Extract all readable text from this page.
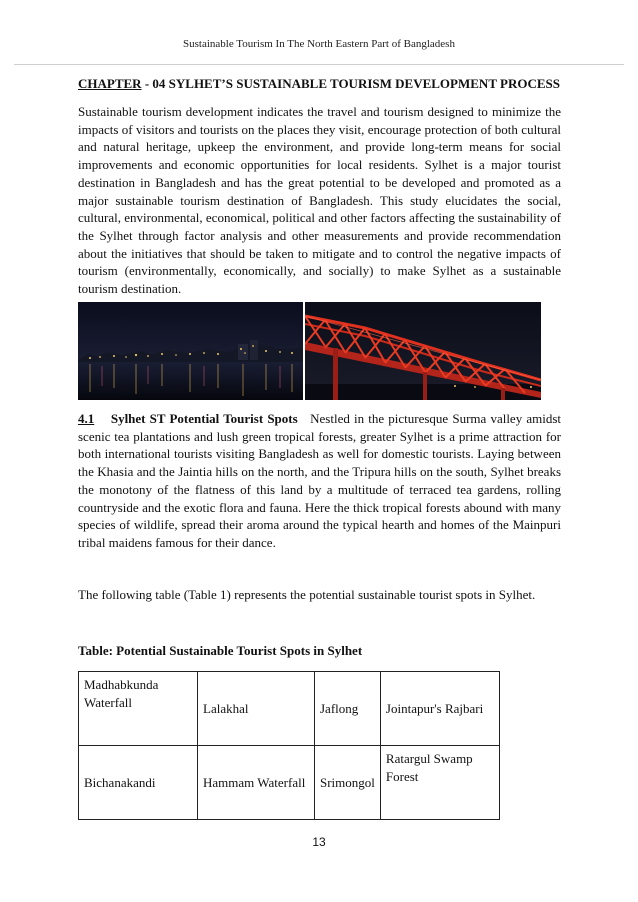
Sustainable Tourism In The North Eastern Part of Bangladesh
CHAPTER - 04 SYLHET’S SUSTAINABLE TOURISM DEVELOPMENT PROCESS
Sustainable tourism development indicates the travel and tourism designed to minimize the impacts of visitors and tourists on the places they visit, encourage protection of both cultural and natural heritage, upkeep the environment, and provide long-term means for social improvements and economic opportunities for local residents. Sylhet is a major tourist destination in Bangladesh and has the great potential to be developed and promoted as a major sustainable tourism destination of Bangladesh. This study elucidates the social, cultural, environmental, economical, political and other factors affecting the sustainability of the Sylhet through factor analysis and other measurements and provide recommendation about the initiatives that should be taken to mitigate and to control the negative impacts of tourism (environmentally, economically, and socially) to make Sylhet as a sustainable tourism destination.
4.1 Sylhet ST Potential Tourist Spots Nestled in the picturesque Surma valley amidst scenic tea plantations and lush green tropical forests, greater Sylhet is a prime attraction for both international tourists visiting Bangladesh as well for domestic tourists. Laying between the Khasia and the Jaintia hills on the north, and the Tripura hills on the south, Sylhet breaks the monotony of the flatness of this land by a multitude of terraced tea gardens, rolling countryside and the exotic flora and fauna. Here the thick tropical forests abound with many species of wildlife, spread their aroma around the typical hearth and homes of the Mainpuri tribal maidens famous for their dance.
The following table (Table 1) represents the potential sustainable tourist spots in Sylhet.
Table: Potential Sustainable Tourist Spots in Sylhet
Madhabkunda Waterfall	Lalakhal	Jaflong	Jointapur's Rajbari
Bichanakandi	Hammam Waterfall	Srimongol	Ratargul Swamp Forest
13
